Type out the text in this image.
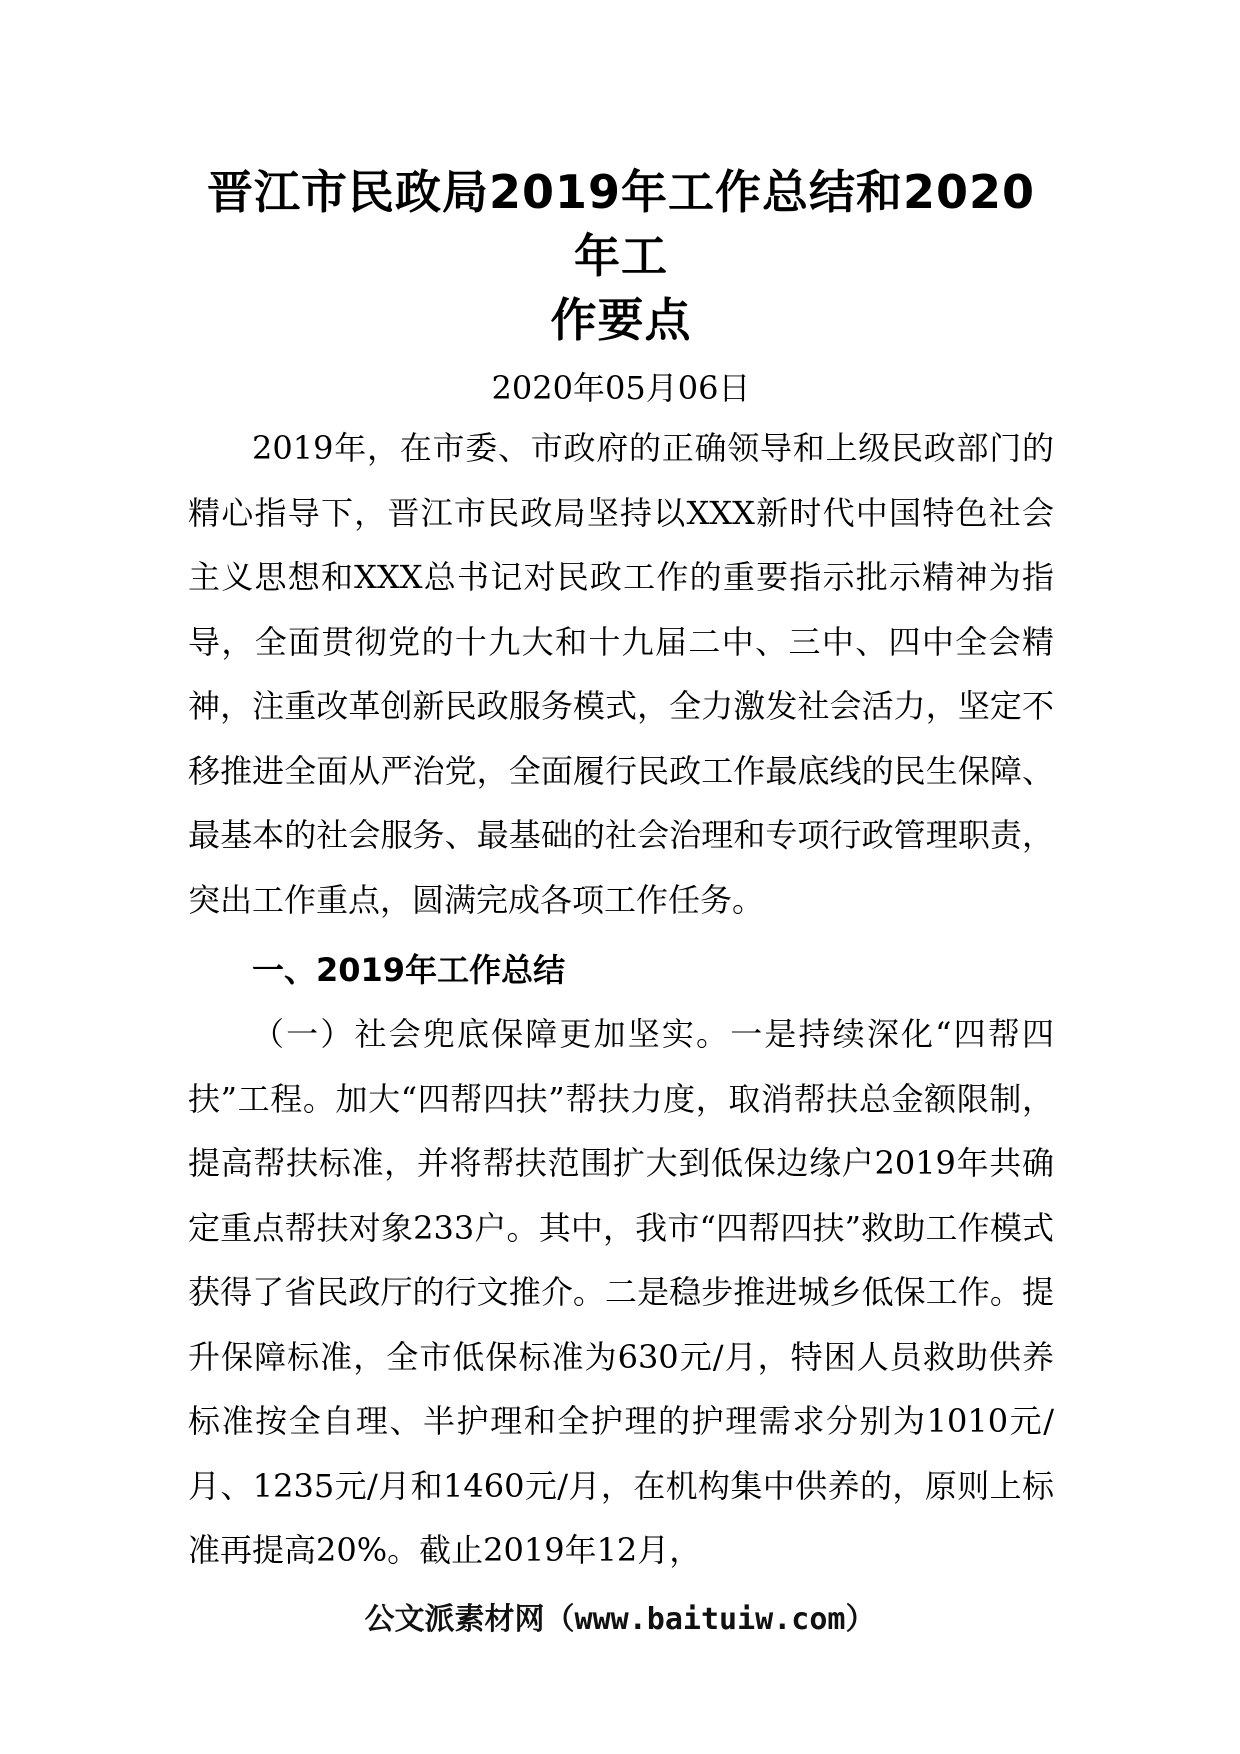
晋江市民政局2019年工作总结和2020年工
作要点

2020年05月06日

2019年，在市委、市政府的正确领导和上级民政部门的精心指导下，晋江市民政局坚持以XXX新时代中国特色社会主义思想和XXX总书记对民政工作的重要指示批示精神为指导，全面贯彻党的十九大和十九届二中、三中、四中全会精神，注重改革创新民政服务模式，全力激发社会活力，坚定不移推进全面从严治党，全面履行民政工作最底线的民生保障、最基本的社会服务、最基础的社会治理和专项行政管理职责，突出工作重点，圆满完成各项工作任务。

一、2019年工作总结

（一）社会兜底保障更加坚实。一是持续深化“四帮四扶”工程。加大“四帮四扶”帮扶力度，取消帮扶总金额限制，提高帮扶标准，并将帮扶范围扩大到低保边缘户2019年共确定重点帮扶对象233户。其中，我市“四帮四扶”救助工作模式获得了省民政厅的行文推介。二是稳步推进城乡低保工作。提升保障标准，全市低保标准为630元/月，特困人员救助供养标准按全自理、半护理和全护理的护理需求分别为1010元/月、1235元/月和1460元/月，在机构集中供养的，原则上标准再提高20%。截止2019年12月，

公文派素材网（www.baituiw.com）
